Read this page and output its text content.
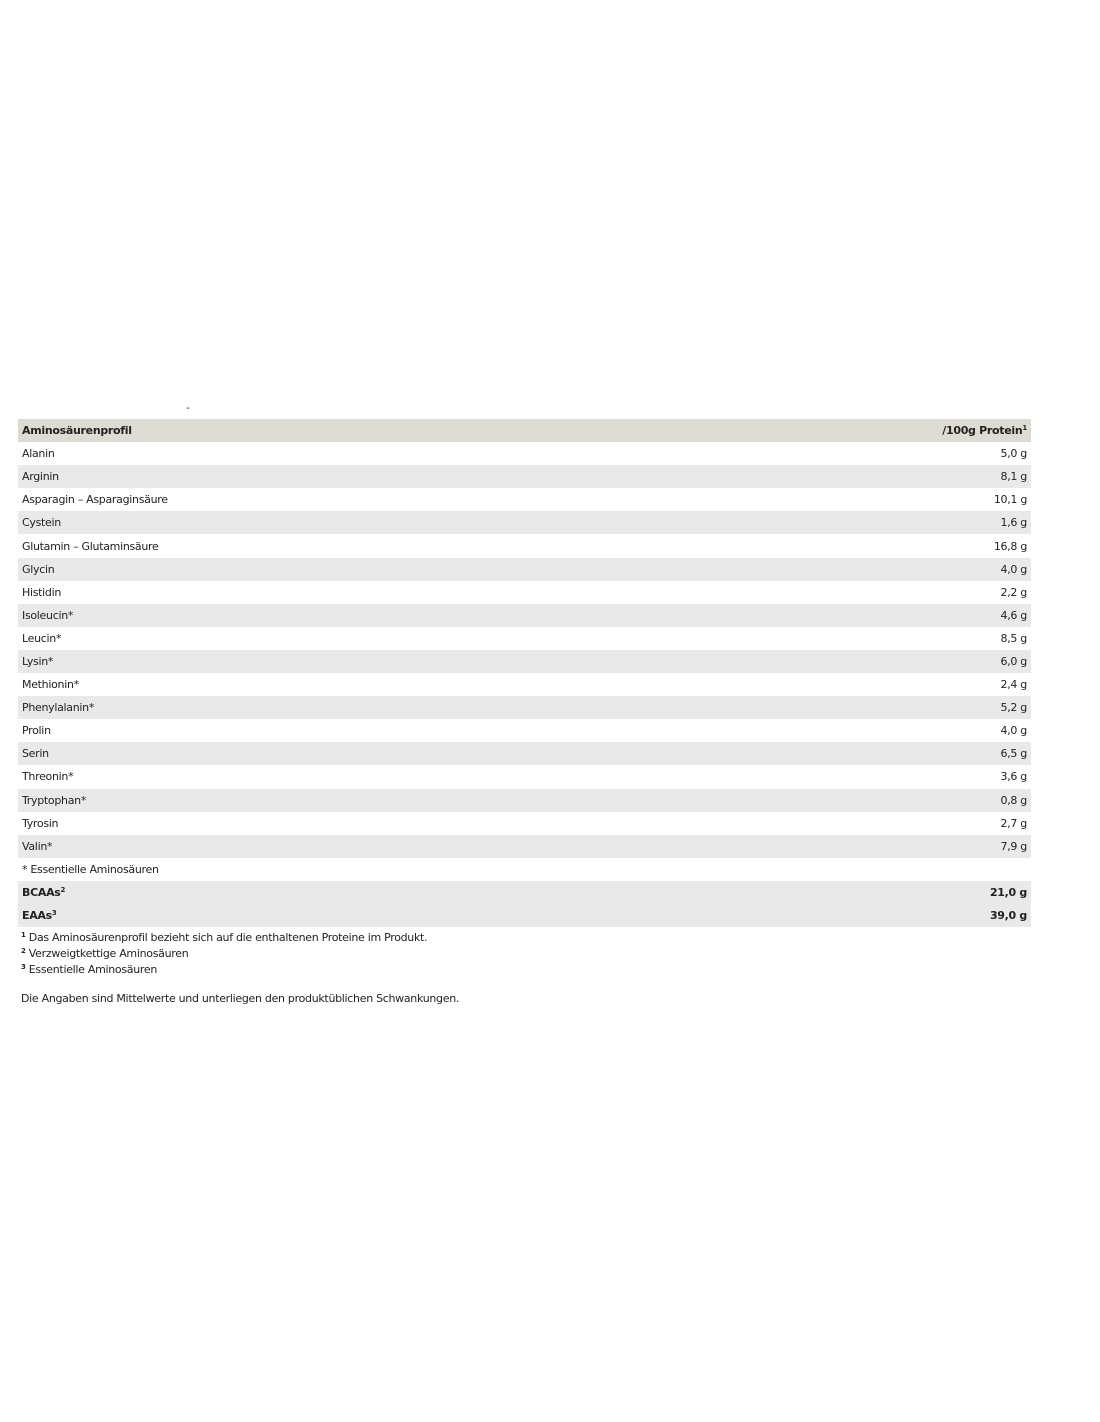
-
Aminosäurenprofil	/100g Protein$^1$
Alanin	5,0 g
Arginin	8,1 g
Asparagin – Asparaginsäure	10,1 g
Cystein	1,6 g
Glutamin – Glutaminsäure	16,8 g
Glycin	4,0 g
Histidin	2,2 g
Isoleucin*	4,6 g
Leucin*	8,5 g
Lysin*	6,0 g
Methionin*	2,4 g
Phenylalanin*	5,2 g
Prolin	4,0 g
Serin	6,5 g
Threonin*	3,6 g
Tryptophan*	0,8 g
Tyrosin	2,7 g
Valin*	7,9 g
* Essentielle Aminosäuren	
BCAAs$^2$	21,0 g
EAAs$^3$	39,0 g
$^1$ Das Aminosäurenprofil bezieht sich auf die enthaltenen Proteine im Produkt.
$^2$ Verzweigtkettige Aminosäuren
$^3$ Essentielle Aminosäuren
Die Angaben sind Mittelwerte und unterliegen den produktüblichen Schwankungen.
